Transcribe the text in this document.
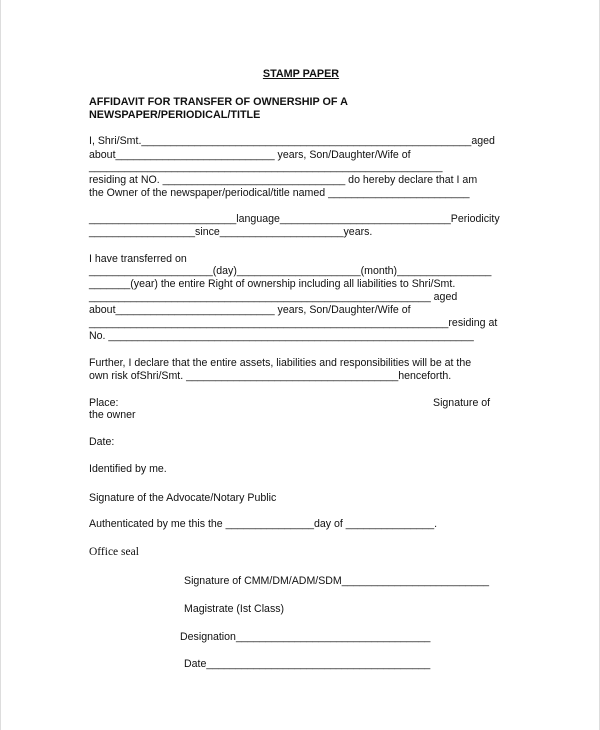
STAMP PAPER
AFFIDAVIT FOR TRANSFER OF OWNERSHIP OF A
NEWSPAPER/PERIODICAL/TITLE
I, Shri/Smt.________________________________________________________aged
about___________________________ years, Son/Daughter/Wife of
____________________________________________________________
residing at NO. _______________________________ do hereby declare that I am
the Owner of the newspaper/periodical/title named ________________________
_________________________language_____________________________Periodicity
__________________since_____________________years.
I have transferred on
_____________________(day)_____________________(month)________________
_______(year) the entire Right of ownership including all liabilities to Shri/Smt.
__________________________________________________________ aged
about___________________________ years, Son/Daughter/Wife of
_____________________________________________________________residing at
No. ______________________________________________________________
Further, I declare that the entire assets, liabilities and responsibilities will be at the
own risk ofShri/Smt. ____________________________________henceforth.
Place:	Signature of
the owner
Date:
Identified by me.
Signature of the Advocate/Notary Public
Authenticated by me this the _______________day of _______________.
Office seal
Signature of CMM/DM/ADM/SDM_________________________
Magistrate (Ist Class)
Designation_________________________________
Date______________________________________
